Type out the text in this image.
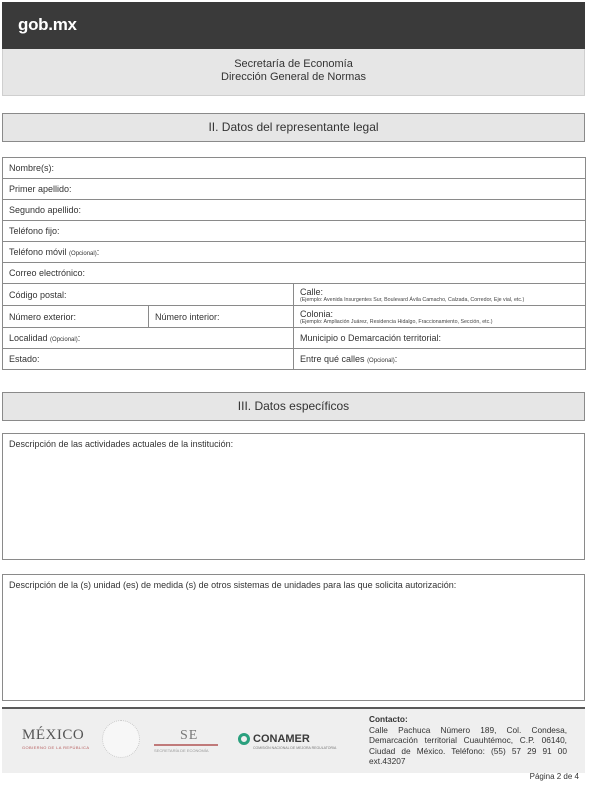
gob.mx
Secretaría de Economía
Dirección General de Normas
II. Datos del representante legal
Nombre(s):		
Primer apellido:		
Segundo apellido:		
Teléfono fijo:		
Teléfono móvil (Opcional):		
Correo electrónico:		
Código postal:		Calle:
(Ejemplo: Avenida Insurgentes Sur, Boulevard Ávila Camacho, Calzada, Corredor, Eje vial, etc.)

Número exterior:	Número interior:	Colonia:
(Ejemplo: Ampliación Juárez, Residencia Hidalgo, Fraccionamiento, Sección, etc.)

Localidad (Opcional):		Municipio o Demarcación territorial:
Estado:		Entre qué calles (Opcional):
III. Datos específicos
Descripción de las actividades actuales de la institución:
Descripción de la (s) unidad (es) de medida (s) de otros sistemas de unidades para las que solicita autorización:
MÉXICO
GOBIERNO DE LA REPÚBLICA
SE
SECRETARÍA DE ECONOMÍA
CONAMER
COMISIÓN NACIONAL DE MEJORA REGULATORIA
Contacto:
Calle Pachuca Número 189, Col. Condesa, Demarcación territorial Cuauhtémoc, C.P. 06140, Ciudad de México. Teléfono: (55) 57 29 91 00 ext.43207
Página 2 de 4
